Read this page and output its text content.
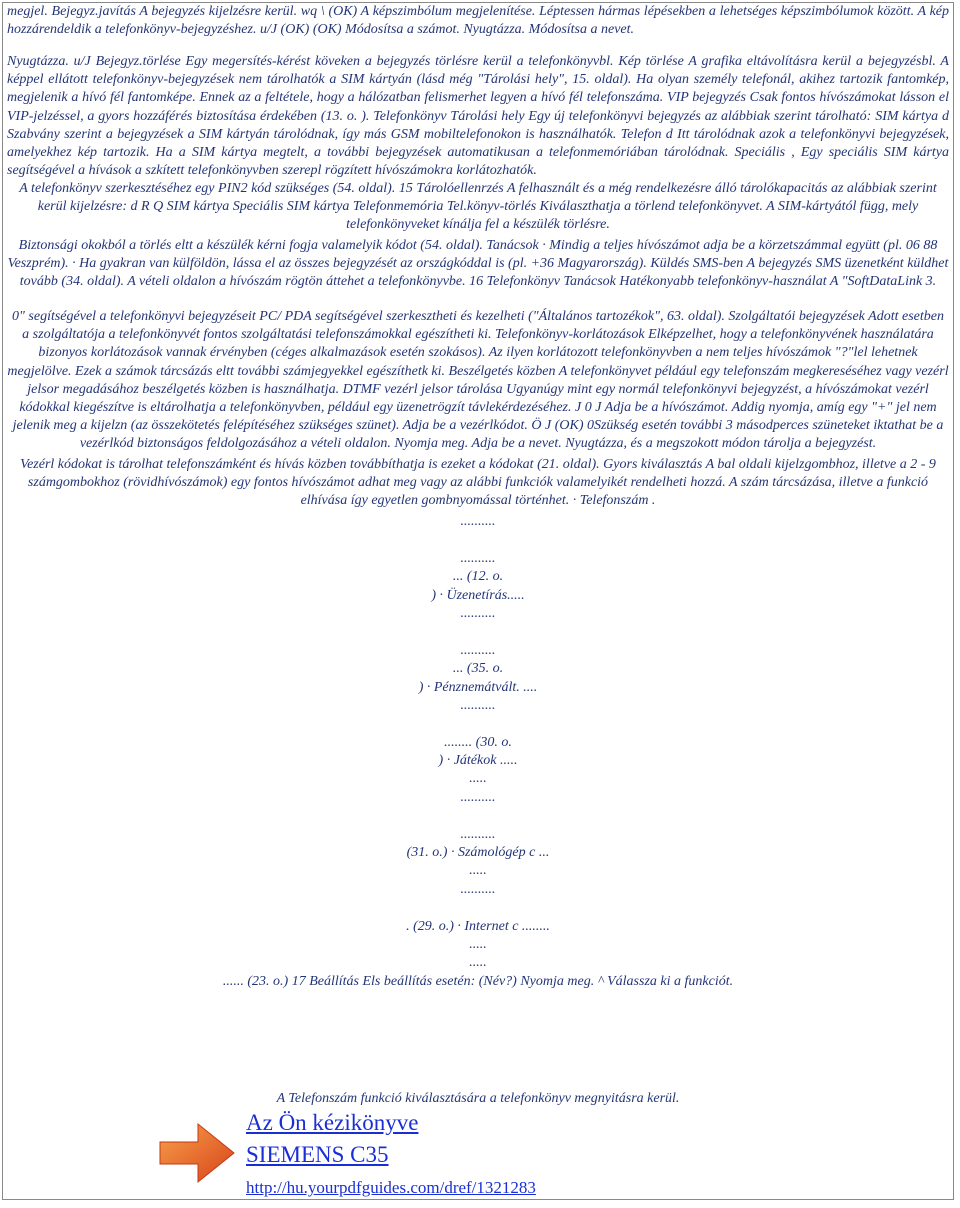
megjel. Bejegyz.javítás A bejegyzés kijelzésre kerül. wq \ (OK) A képszimbólum megjelenítése. Léptessen hármas lépésekben a lehetséges képszimbólumok között. A kép hozzárendeldik a telefonkönyv-bejegyzéshez. u/J (OK) (OK) Módosítsa a számot. Nyugtázza. Módosítsa a nevet.
Nyugtázza. u/J Bejegyz.törlése Egy megersítés-kérést köveken a bejegyzés törlésre kerül a telefonkönyvbl. Kép törlése A grafika eltávolításra kerül a bejegyzésbl. A képpel ellátott telefonkönyv-bejegyzések nem tárolhatók a SIM kártyán (lásd még "Tárolási hely", 15. oldal). Ha olyan személy telefonál, akihez tartozik fantomkép, megjelenik a hívó fél fantomképe. Ennek az a feltétele, hogy a hálózatban felismerhet legyen a hívó fél telefonszáma. VIP bejegyzés Csak fontos hívószámokat lásson el VIP-jelzéssel, a gyors hozzáférés biztosítása érdekében (13. o. ). Telefonkönyv Tárolási hely Egy új telefonkönyvi bejegyzés az alábbiak szerint tárolható: SIM kártya d Szabvány szerint a bejegyzések a SIM kártyán tárolódnak, így más GSM mobiltelefonokon is használhatók. Telefon d Itt tárolódnak azok a telefonkönyvi bejegyzések, amelyekhez kép tartozik. Ha a SIM kártya megtelt, a további bejegyzések automatikusan a telefonmemóriában tárolódnak. Speciális , Egy speciális SIM kártya segítségével a hívások a szkített telefonkönyvben szerepl rögzített hívószámokra korlátozhatók.
A telefonkönyv szerkesztéséhez egy PIN2 kód szükséges (54. oldal). 15 Tárolóellenrzés A felhasznált és a még rendelkezésre álló tárolókapacitás az alábbiak szerint kerül kijelzésre: d R Q SIM kártya Speciális SIM kártya Telefonmemória Tel.könyv-törlés Kiválaszthatja a törlend telefonkönyvet. A SIM-kártyától függ, mely telefonkönyveket kínálja fel a készülék törlésre.
Biztonsági okokból a törlés eltt a készülék kérni fogja valamelyik kódot (54. oldal). Tanácsok · Mindig a teljes hívószámot adja be a körzetszámmal együtt (pl. 06 88 Veszprém). · Ha gyakran van külföldön, lássa el az összes bejegyzését az országkóddal is (pl. +36 Magyarország). Küldés SMS-ben A bejegyzés SMS üzenetként küldhet tovább (34. oldal). A vételi oldalon a hívószám rögtön áttehet a telefonkönyvbe. 16 Telefonkönyv Tanácsok Hatékonyabb telefonkönyv-használat A "SoftDataLink 3.
0" segítségével a telefonkönyvi bejegyzéseit PC/ PDA segítségével szerkesztheti és kezelheti ("Általános tartozékok", 63. oldal). Szolgáltatói bejegyzések Adott esetben a szolgáltatója a telefonkönyvét fontos szolgáltatási telefonszámokkal egészítheti ki. Telefonkönyv-korlátozások Elképzelhet, hogy a telefonkönyvének használatára bizonyos korlátozások vannak érvényben (céges alkalmazások esetén szokásos). Az ilyen korlátozott telefonkönyvben a nem teljes hívószámok "?"lel lehetnek megjelölve. Ezek a számok tárcsázás eltt további számjegyekkel egészíthetk ki. Beszélgetés közben A telefonkönyvet például egy telefonszám megkereséséhez vagy vezérl jelsor megadásához beszélgetés közben is használhatja. DTMF vezérl jelsor tárolása Ugyanúgy mint egy normál telefonkönyvi bejegyzést, a hívószámokat vezérl kódokkal kiegészítve is eltárolhatja a telefonkönyvben, például egy üzenetrögzít távlekérdezéséhez. J 0 J Adja be a hívószámot. Addig nyomja, amíg egy "+" jel nem jelenik meg a kijelzn (az összekötetés felépítéséhez szükséges szünet). Adja be a vezérlkódot. Ö J (OK) 0Szükség esetén további 3 másodperces szüneteket iktathat be a vezérlkód biztonságos feldolgozásához a vételi oldalon. Nyomja meg. Adja be a nevet. Nyugtázza, és a megszokott módon tárolja a bejegyzést.
Vezérl kódokat is tárolhat telefonszámként és hívás közben továbbíthatja is ezeket a kódokat (21. oldal). Gyors kiválasztás A bal oldali kijelzgombhoz, illetve a 2 - 9 számgombokhoz (rövidhívószámok) egy fontos hívószámot adhat meg vagy az alábbi funkciók valamelyikét rendelheti hozzá. A szám tárcsázása, illetve a funkció elhívása így egyetlen gombnyomással történhet. · Telefonszám .
..........
..........
... (12. o.
) · Üzenetírás.....
..........
..........
... (35. o.
) · Pénznemátvált. ....
..........
........ (30. o.
) · Játékok .....
.....
..........
..........
(31. o.) · Számológép c ...
.....
..........
. (29. o.) · Internet c ........
.....
.....
...... (23. o.) 17 Beállítás Els beállítás esetén: (Név?) Nyomja meg. ^ Válassza ki a funkciót.
A Telefonszám funkció kiválasztására a telefonkönyv megnyitásra kerül.
Az Ön kézikönyve
SIEMENS C35
http://hu.yourpdfguides.com/dref/1321283
